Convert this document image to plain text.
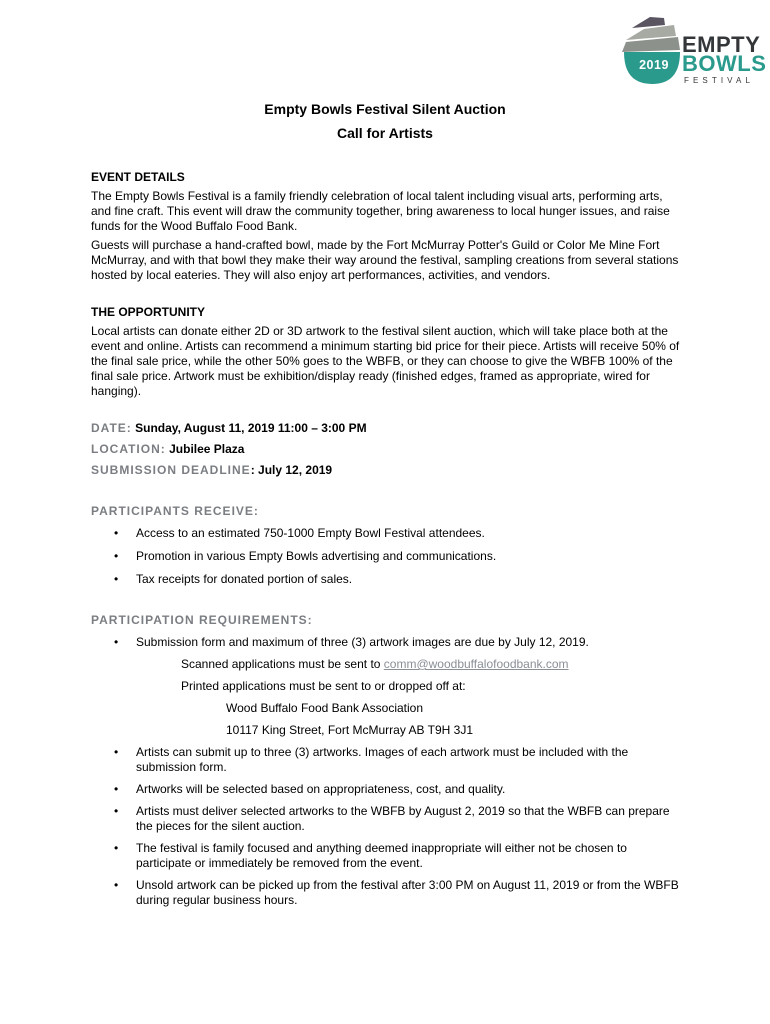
2019
EMPTY
BOWLS
FESTIVAL
Empty Bowls Festival Silent Auction
Call for Artists

EVENT DETAILS

The Empty Bowls Festival is a family friendly celebration of local talent including visual arts, performing arts, and fine craft. This event will draw the community together, bring awareness to local hunger issues, and raise funds for the Wood Buffalo Food Bank.

Guests will purchase a hand-crafted bowl, made by the Fort McMurray Potter's Guild or Color Me Mine Fort McMurray, and with that bowl they make their way around the festival, sampling creations from several stations hosted by local eateries. They will also enjoy art performances, activities, and vendors.

THE OPPORTUNITY

Local artists can donate either 2D or 3D artwork to the festival silent auction, which will take place both at the event and online. Artists can recommend a minimum starting bid price for their piece. Artists will receive 50% of the final sale price, while the other 50% goes to the WBFB, or they can choose to give the WBFB 100% of the final sale price. Artwork must be exhibition/display ready (finished edges, framed as appropriate, wired for hanging).

DATE: Sunday, August 11, 2019 11:00 – 3:00 PM

LOCATION: Jubilee Plaza

SUBMISSION DEADLINE: July 12, 2019

PARTICIPANTS RECEIVE:

• Access to an estimated 750-1000 Empty Bowl Festival attendees.
• Promotion in various Empty Bowls advertising and communications.
• Tax receipts for donated portion of sales.

PARTICIPATION REQUIREMENTS:

• Submission form and maximum of three (3) artwork images are due by July 12, 2019.

Scanned applications must be sent to comm@woodbuffalofoodbank.com

Printed applications must be sent to or dropped off at:

Wood Buffalo Food Bank Association

10117 King Street, Fort McMurray AB T9H 3J1

• Artists can submit up to three (3) artworks. Images of each artwork must be included with the submission form.
• Artworks will be selected based on appropriateness, cost, and quality.
• Artists must deliver selected artworks to the WBFB by August 2, 2019 so that the WBFB can prepare the pieces for the silent auction.
• The festival is family focused and anything deemed inappropriate will either not be chosen to participate or immediately be removed from the event.
• Unsold artwork can be picked up from the festival after 3:00 PM on August 11, 2019 or from the WBFB during regular business hours.
